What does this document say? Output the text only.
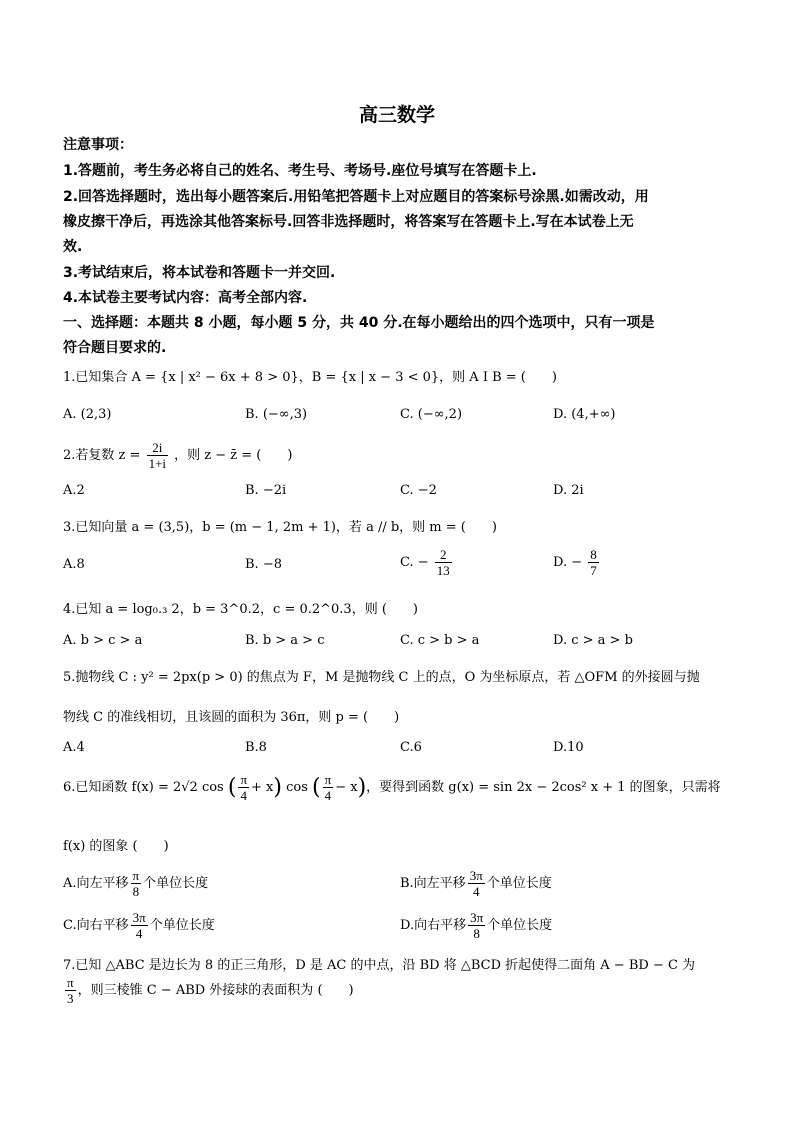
高三数学
注意事项：
1.答题前，考生务必将自己的姓名、考生号、考场号.座位号填写在答题卡上.
2.回答选择题时，选出每小题答案后.用铅笔把答题卡上对应题目的答案标号涂黑.如需改动，用
橡皮擦干净后，再选涂其他答案标号.回答非选择题时，将答案写在答题卡上.写在本试卷上无
效.
3.考试结束后，将本试卷和答题卡一并交回.
4.本试卷主要考试内容：高考全部内容.
一、选择题：本题共 8 小题，每小题 5 分，共 40 分.在每小题给出的四个选项中，只有一项是
符合题目要求的.
1.已知集合 A = {x | x² − 6x + 8 > 0}，B = {x | x − 3 < 0}，则 A I B = (　　)
A. (2,3)	B. (−∞,3)	C. (−∞,2)	D. (4,+∞)
2.若复数 $z = \frac{2i}{1+i}$ ，则 z − z̄ = (　　)
A.2	B. −2i	C. −2	D. 2i
3.已知向量 a = (3,5)，b = (m − 1, 2m + 1)，若 a // b，则 m = (　　)
A.8	B. −8	C. − $\frac{2}{13}$	D. − $\frac{8}{7}$
4.已知 a = log₀.₃ 2，b = 3^0.2，c = 0.2^0.3，则 (　　)
A. b > c > a	B. b > a > c	C. c > b > a	D. c > a > b
5.抛物线 C : y² = 2px(p > 0) 的焦点为 F，M 是抛物线 C 上的点，O 为坐标原点，若 △OFM 的外接圆与抛
物线 C 的准线相切，且该圆的面积为 36π，则 p = (　　)
A.4	B.8	C.6	D.10
6.已知函数 f(x) = 2√2 cos ( $\frac{\pi}{4} + x$) cos ( $\frac{\pi}{4} - x$)，要得到函数 g(x) = sin 2x − 2cos² x + 1 的图象，只需将
f(x) 的图象 (　　)
A.向左平移 $\frac{\pi}{8}$ 个单位长度	B.向左平移 $\frac{3\pi}{4}$ 个单位长度
C.向右平移 $\frac{3\pi}{4}$ 个单位长度	D.向右平移 $\frac{3\pi}{8}$ 个单位长度
7.已知 △ABC 是边长为 8 的正三角形，D 是 AC 的中点，沿 BD 将 △BCD 折起使得二面角 A − BD − C 为
$\frac{\pi}{3}$ ，则三棱锥 C − ABD 外接球的表面积为 (　　)
